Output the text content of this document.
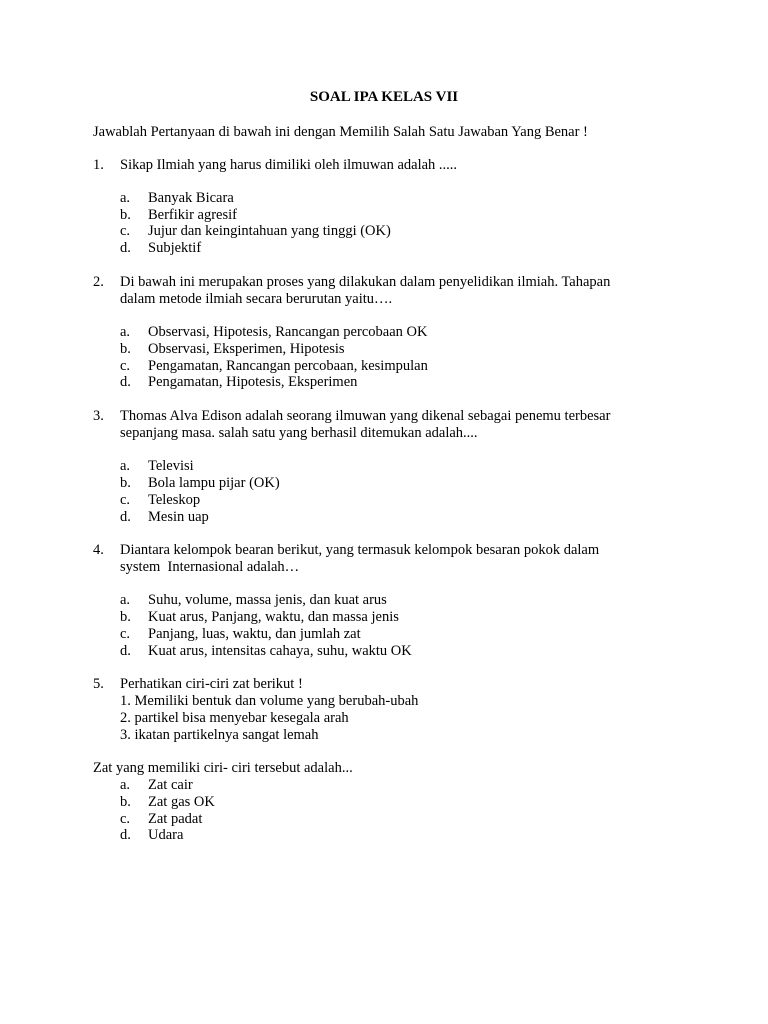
SOAL IPA KELAS VII
Jawablah Pertanyaan di bawah ini dengan Memilih Salah Satu Jawaban Yang Benar !
1. Sikap Ilmiah yang harus dimiliki oleh ilmuwan adalah .....
a. Banyak Bicara
b. Berfikir agresif
c. Jujur dan keingintahuan yang tinggi (OK)
d. Subjektif
2. Di bawah ini merupakan proses yang dilakukan dalam penyelidikan ilmiah. Tahapan
dalam metode ilmiah secara berurutan yaitu….
a. Observasi, Hipotesis, Rancangan percobaan OK
b. Observasi, Eksperimen, Hipotesis
c. Pengamatan, Rancangan percobaan, kesimpulan
d. Pengamatan, Hipotesis, Eksperimen
3. Thomas Alva Edison adalah seorang ilmuwan yang dikenal sebagai penemu terbesar
sepanjang masa. salah satu yang berhasil ditemukan adalah....
a. Televisi
b. Bola lampu pijar (OK)
c. Teleskop
d. Mesin uap
4. Diantara kelompok bearan berikut, yang termasuk kelompok besaran pokok dalam
system  Internasional adalah…
a. Suhu, volume, massa jenis, dan kuat arus
b. Kuat arus, Panjang, waktu, dan massa jenis
c. Panjang, luas, waktu, dan jumlah zat
d. Kuat arus, intensitas cahaya, suhu, waktu OK
5. Perhatikan ciri-ciri zat berikut !
1. Memiliki bentuk dan volume yang berubah-ubah
2. partikel bisa menyebar kesegala arah
3. ikatan partikelnya sangat lemah
Zat yang memiliki ciri- ciri tersebut adalah...
a. Zat cair
b. Zat gas OK
c. Zat padat
d. Udara
